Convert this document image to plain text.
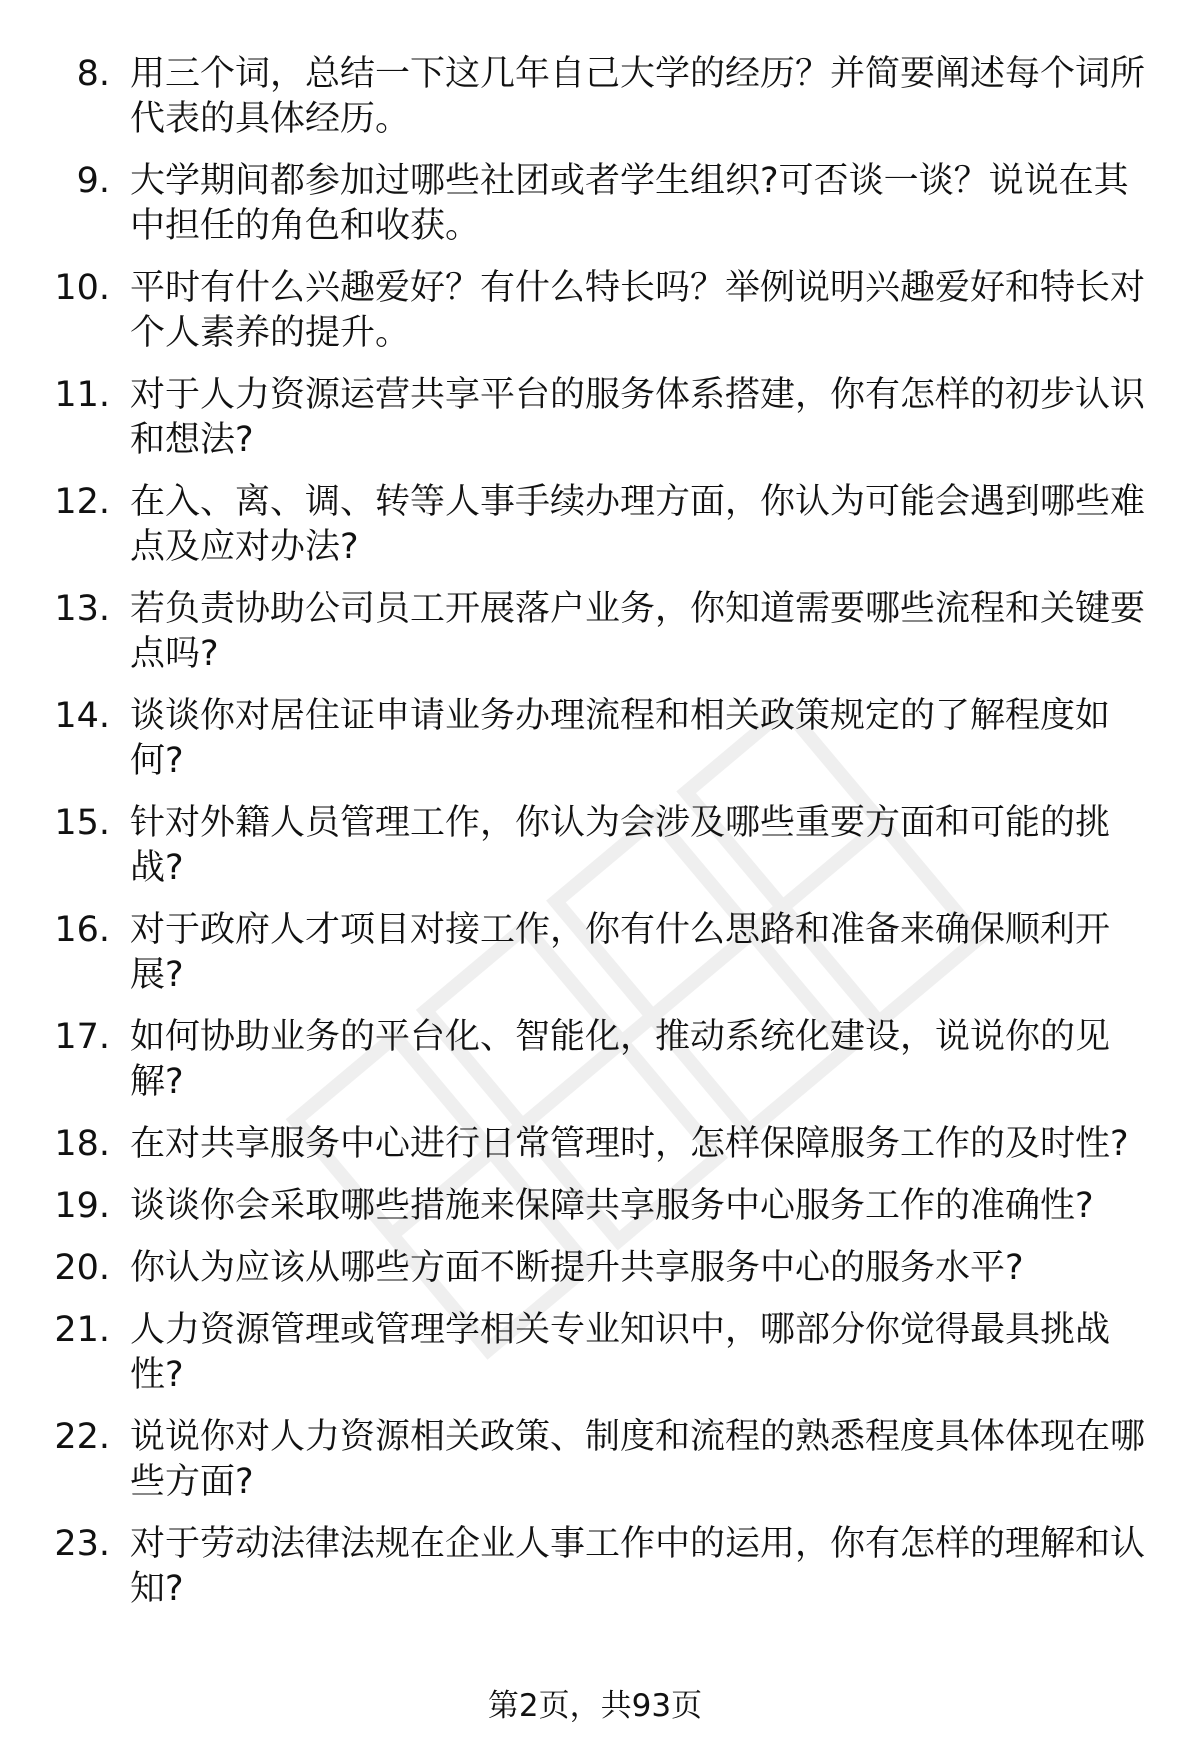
8. 用三个词，总结一下这几年自己大学的经历？并简要阐述每个词所代表的具体经历。
9. 大学期间都参加过哪些社团或者学生组织?可否谈一谈？说说在其中担任的角色和收获。
10. 平时有什么兴趣爱好？有什么特长吗？举例说明兴趣爱好和特长对个人素养的提升。
11. 对于人力资源运营共享平台的服务体系搭建，你有怎样的初步认识和想法?
12. 在入、离、调、转等人事手续办理方面，你认为可能会遇到哪些难点及应对办法?
13. 若负责协助公司员工开展落户业务，你知道需要哪些流程和关键要点吗?
14. 谈谈你对居住证申请业务办理流程和相关政策规定的了解程度如何?
15. 针对外籍人员管理工作，你认为会涉及哪些重要方面和可能的挑战?
16. 对于政府人才项目对接工作，你有什么思路和准备来确保顺利开展?
17. 如何协助业务的平台化、智能化，推动系统化建设，说说你的见解?
18. 在对共享服务中心进行日常管理时，怎样保障服务工作的及时性?
19. 谈谈你会采取哪些措施来保障共享服务中心服务工作的准确性?
20. 你认为应该从哪些方面不断提升共享服务中心的服务水平?
21. 人力资源管理或管理学相关专业知识中，哪部分你觉得最具挑战性?
22. 说说你对人力资源相关政策、制度和流程的熟悉程度具体体现在哪些方面?
23. 对于劳动法律法规在企业人事工作中的运用，你有怎样的理解和认知?
第2页，共93页
